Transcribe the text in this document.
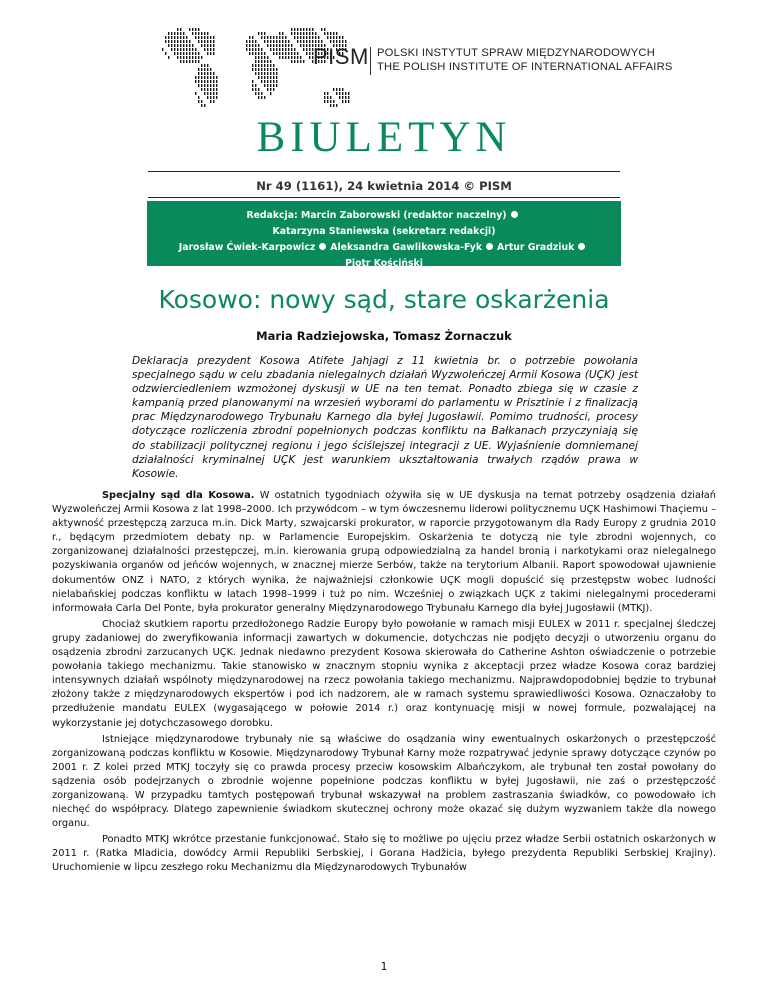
PISM POLSKI INSTYTUT SPRAW MIĘDZYNARODOWYCH
THE POLISH INSTITUTE OF INTERNATIONAL AFFAIRS
BIULETYN
Nr 49 (1161), 24 kwietnia 2014 © PISM
Redakcja: Marcin Zaborowski (redaktor naczelny)Katarzyna Staniewska (sekretarz redakcji)
Jarosław Ćwiek-Karpowicz Aleksandra Gawlikowska-Fyk Artur GradziukPiotr Kościński
Łukasz Kulesa Roderick Parkes Patrycja Sasnal Marcin Terlikowski
Kosowo: nowy sąd, stare oskarżenia
Maria Radziejowska, Tomasz Żornaczuk
Deklaracja prezydent Kosowa Atifete Jahjagi z 11 kwietnia br. o potrzebie powołania specjalnego sądu w celu zbadania nielegalnych działań Wyzwoleńczej Armii Kosowa (UÇK) jest odzwierciedleniem wzmożonej dyskusji w UE na ten temat. Ponadto zbiega się w czasie z kampanią przed planowanymi na wrzesień wyborami do parlamentu w Prisztinie i z finalizacją prac Międzynarodowego Trybunału Karnego dla byłej Jugosławii. Pomimo trudności, procesy dotyczące rozliczenia zbrodni popełnionych podczas konfliktu na Bałkanach przyczyniają się do stabilizacji politycznej regionu i jego ściślejszej integracji z UE. Wyjaśnienie domniemanej działalności kryminalnej UÇK jest warunkiem ukształtowania trwałych rządów prawa w Kosowie.

Specjalny sąd dla Kosowa. W ostatnich tygodniach ożywiła się w UE dyskusja na temat potrzeby osądzenia działań Wyzwoleńczej Armii Kosowa z lat 1998–2000. Ich przywódcom – w tym ówczesnemu liderowi politycznemu UÇK Hashimowi Thaçiemu – aktywność przestępczą zarzuca m.in. Dick Marty, szwajcarski prokurator, w raporcie przygotowanym dla Rady Europy z grudnia 2010 r., będącym przedmiotem debaty np. w Parlamencie Europejskim. Oskarżenia te dotyczą nie tyle zbrodni wojennych, co zorganizowanej działalności przestępczej, m.in. kierowania grupą odpowiedzialną za handel bronią i narkotykami oraz nielegalnego pozyskiwania organów od jeńców wojennych, w znacznej mierze Serbów, także na terytorium Albanii. Raport spowodował ujawnienie dokumentów ONZ i NATO, z których wynika, że najważniejsi członkowie UÇK mogli dopuścić się przestępstw wobec ludności nielabańskiej podczas konfliktu w latach 1998–1999 i tuż po nim. Wcześniej o związkach UÇK z takimi nielegalnymi procederami informowała Carla Del Ponte, była prokurator generalny Międzynarodowego Trybunału Karnego dla byłej Jugosławii (MTKJ).

Chociaż skutkiem raportu przedłożonego Radzie Europy było powołanie w ramach misji EULEX w 2011 r. specjalnej śledczej grupy zadaniowej do zweryfikowania informacji zawartych w dokumencie, dotychczas nie podjęto decyzji o utworzeniu organu do osądzenia zbrodni zarzucanych UÇK. Jednak niedawno prezydent Kosowa skierowała do Catherine Ashton oświadczenie o potrzebie powołania takiego mechanizmu. Takie stanowisko w znacznym stopniu wynika z akceptacji przez władze Kosowa coraz bardziej intensywnych działań wspólnoty międzynarodowej na rzecz powołania takiego mechanizmu. Najprawdopodobniej będzie to trybunał złożony także z międzynarodowych ekspertów i pod ich nadzorem, ale w ramach systemu sprawiedliwości Kosowa. Oznaczałoby to przedłużenie mandatu EULEX (wygasającego w połowie 2014 r.) oraz kontynuację misji w nowej formule, pozwalającej na wykorzystanie jej dotychczasowego dorobku.

Istniejące międzynarodowe trybunały nie są właściwe do osądzania winy ewentualnych oskarżonych o przestępczość zorganizowaną podczas konfliktu w Kosowie. Międzynarodowy Trybunał Karny może rozpatrywać jedynie sprawy dotyczące czynów po 2001 r. Z kolei przed MTKJ toczyły się co prawda procesy przeciw kosowskim Albańczykom, ale trybunał ten został powołany do sądzenia osób podejrzanych o zbrodnie wojenne popełnione podczas konfliktu w byłej Jugosławii, nie zaś o przestępczość zorganizowaną. W przypadku tamtych postępowań trybunał wskazywał na problem zastraszania świadków, co powodowało ich niechęć do współpracy. Dlatego zapewnienie świadkom skutecznej ochrony może okazać się dużym wyzwaniem także dla nowego organu.

Ponadto MTKJ wkrótce przestanie funkcjonować. Stało się to możliwe po ujęciu przez władze Serbii ostatnich oskarżonych w 2011 r. (Ratka Mladicia, dowódcy Armii Republiki Serbskiej, i Gorana Hadžicia, byłego prezydenta Republiki Serbskiej Krajiny). Uruchomienie w lipcu zeszłego roku Mechanizmu dla Międzynarodowych Trybunałów

1
